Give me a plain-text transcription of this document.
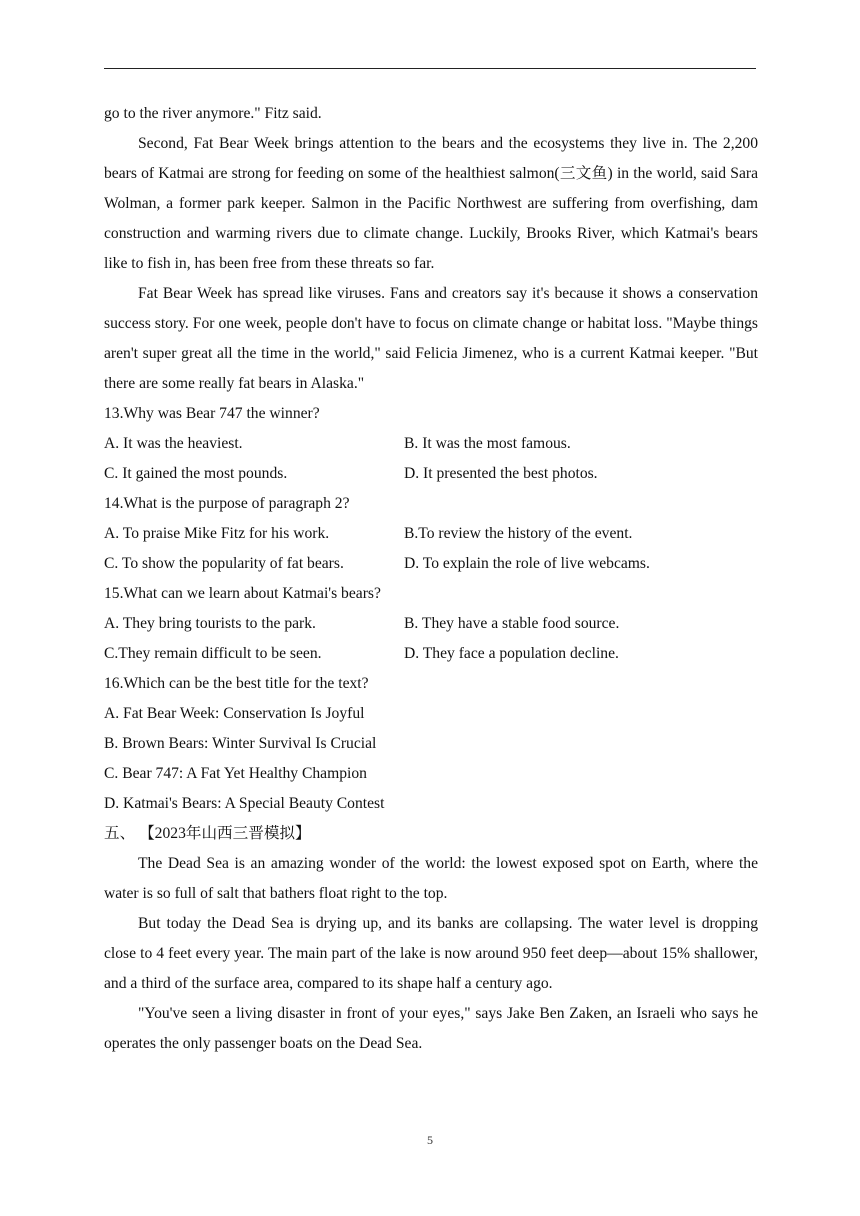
go to the river anymore." Fitz said.

Second, Fat Bear Week brings attention to the bears and the ecosystems they live in. The 2,200 bears of Katmai are strong for feeding on some of the healthiest salmon(三文鱼) in the world, said Sara Wolman, a former park keeper. Salmon in the Pacific Northwest are suffering from overfishing, dam construction and warming rivers due to climate change. Luckily, Brooks River, which Katmai's bears like to fish in, has been free from these threats so far.

Fat Bear Week has spread like viruses. Fans and creators say it's because it shows a conservation success story. For one week, people don't have to focus on climate change or habitat loss. "Maybe things aren't super great all the time in the world," said Felicia Jimenez, who is a current Katmai keeper. "But there are some really fat bears in Alaska."

13.Why was Bear 747 the winner?

A. It was the heaviest.	B. It was the most famous.

C. It gained the most pounds.	D. It presented the best photos.

14.What is the purpose of paragraph 2?

A. To praise Mike Fitz for his work.	B.To review the history of the event.

C. To show the popularity of fat bears.	D. To explain the role of live webcams.

15.What can we learn about Katmai's bears?

A. They bring tourists to the park.	B. They have a stable food source.

C.They remain difficult to be seen.	D. They face a population decline.

16.Which can be the best title for the text?

A. Fat Bear Week: Conservation Is Joyful

B. Brown Bears: Winter Survival Is Crucial

C. Bear 747: A Fat Yet Healthy Champion

D. Katmai's Bears: A Special Beauty Contest

五、 【2023年山西三晋模拟】

The Dead Sea is an amazing wonder of the world: the lowest exposed spot on Earth, where the water is so full of salt that bathers float right to the top.

But today the Dead Sea is drying up, and its banks are collapsing. The water level is dropping close to 4 feet every year. The main part of the lake is now around 950 feet deep—about 15% shallower, and a third of the surface area, compared to its shape half a century ago.

"You've seen a living disaster in front of your eyes," says Jake Ben Zaken, an Israeli who says he operates the only passenger boats on the Dead Sea.

5
